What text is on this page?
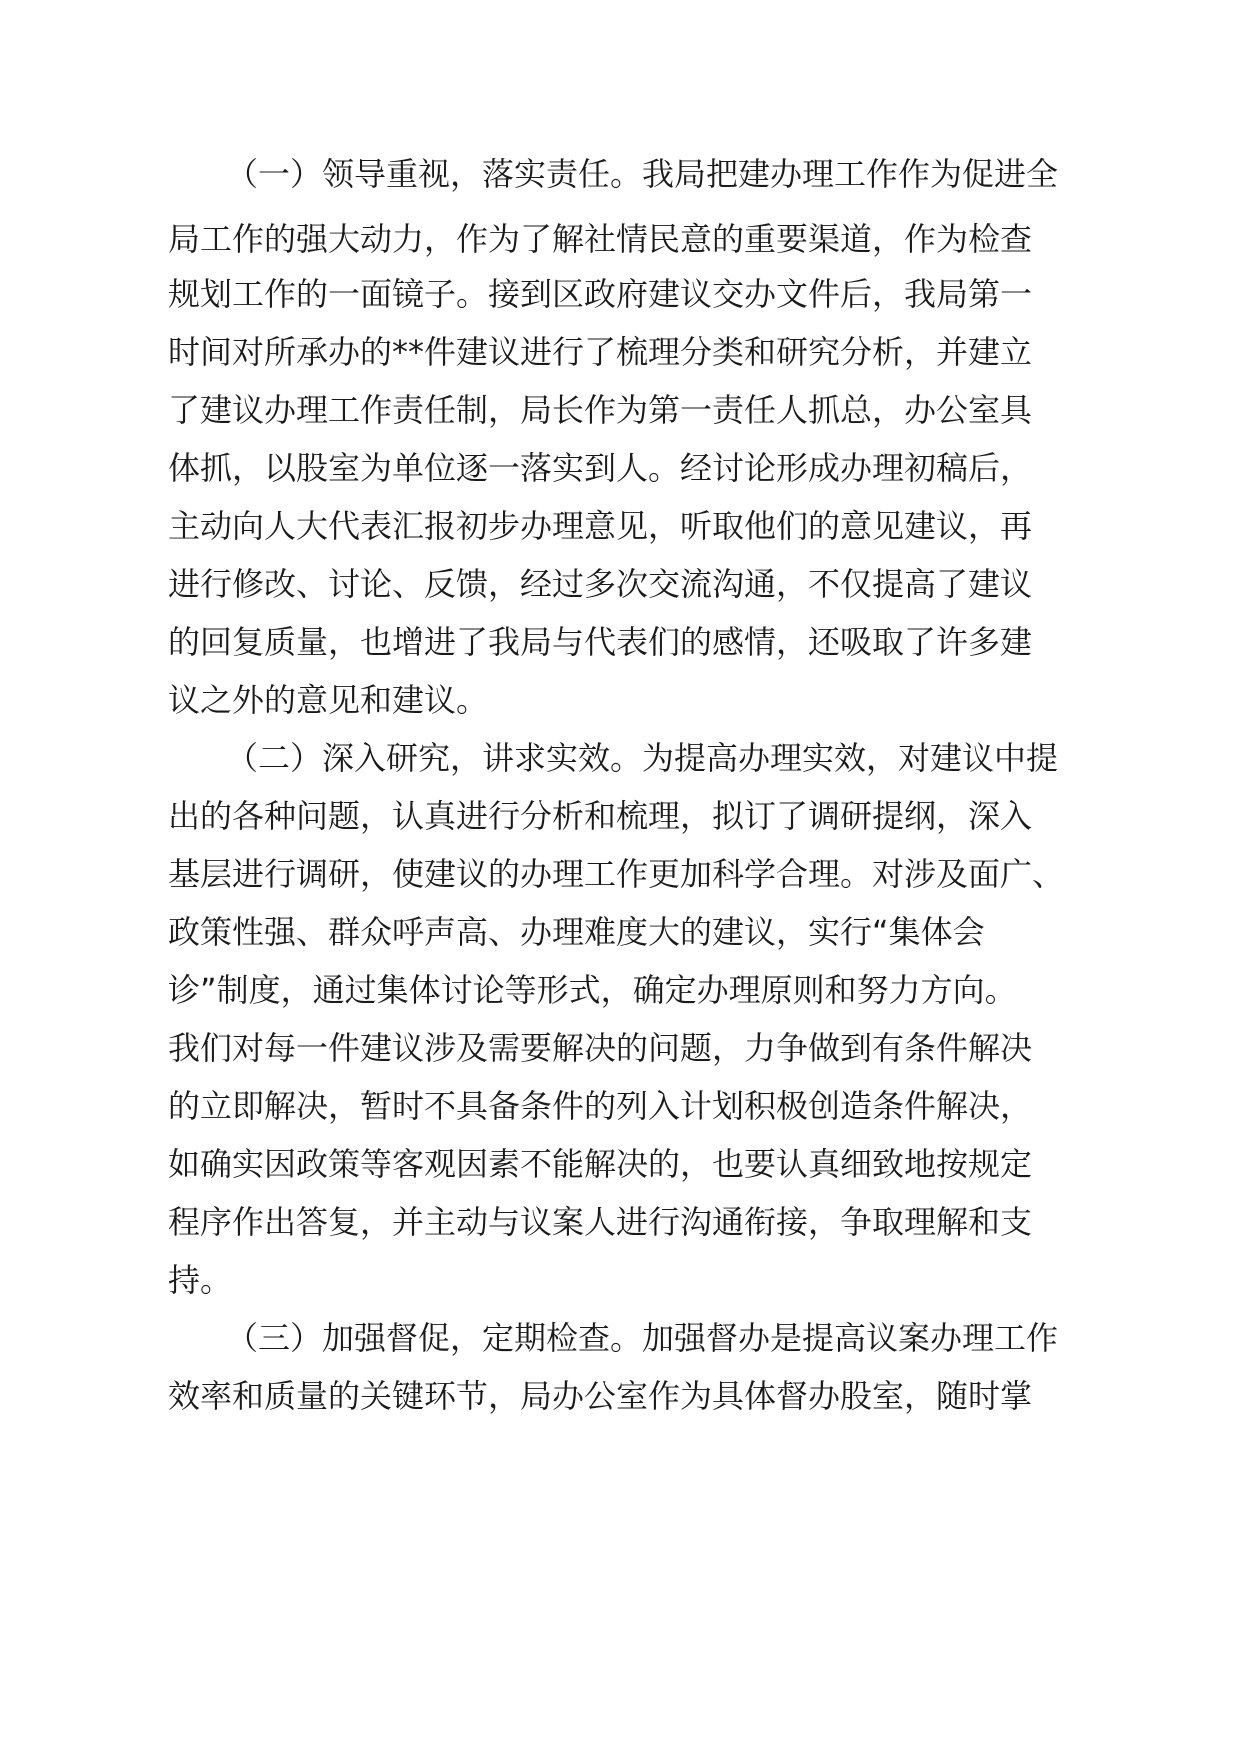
（一）领导重视，落实责任。我局把建办理工作作为促进全

局工作的强大动力，作为了解社情民意的重要渠道，作为检查

规划工作的一面镜子。接到区政府建议交办文件后，我局第一

时间对所承办的**件建议进行了梳理分类和研究分析，并建立

了建议办理工作责任制，局长作为第一责任人抓总，办公室具

体抓，以股室为单位逐一落实到人。经讨论形成办理初稿后，

主动向人大代表汇报初步办理意见，听取他们的意见建议，再

进行修改、讨论、反馈，经过多次交流沟通，不仅提高了建议

的回复质量，也增进了我局与代表们的感情，还吸取了许多建

议之外的意见和建议。

（二）深入研究，讲求实效。为提高办理实效，对建议中提

出的各种问题，认真进行分析和梳理，拟订了调研提纲，深入

基层进行调研，使建议的办理工作更加科学合理。对涉及面广、

政策性强、群众呼声高、办理难度大的建议，实行“集体会

诊”制度，通过集体讨论等形式，确定办理原则和努力方向。

我们对每一件建议涉及需要解决的问题，力争做到有条件解决

的立即解决，暂时不具备条件的列入计划积极创造条件解决，

如确实因政策等客观因素不能解决的，也要认真细致地按规定

程序作出答复，并主动与议案人进行沟通衔接，争取理解和支

持。

（三）加强督促，定期检查。加强督办是提高议案办理工作

效率和质量的关键环节，局办公室作为具体督办股室，随时掌
